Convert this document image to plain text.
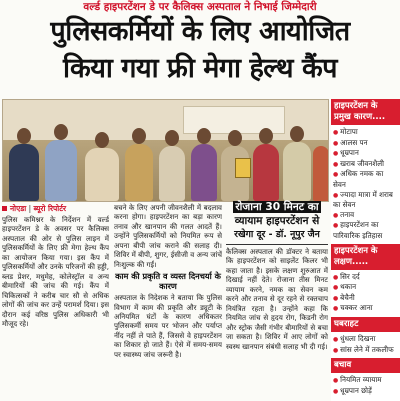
वर्ल्ड हाइपरटेंशन डे पर कैलिक्स अस्पताल ने निभाई जिम्मेदारी
पुलिसकर्मियों के लिए आयोजित
किया गया फ्री मेगा हेल्थ कैंप
नोएडा | ब्यूरो रिपोर्टर

पुलिस कमिश्नर के निर्देशन में वर्ल्ड हाइपरटेंशन डे के अवसर पर कैलिक्स अस्पताल की ओर से पुलिस लाइन में पुलिसकर्मियों के लिए फ्री मेगा हेल्थ कैंप का आयोजन किया गया। इस कैंप में पुलिसकर्मियों और उनके परिजनों की हड्डी, ब्लड प्रेशर, मधुमेह, कोलेस्ट्रॉल व अन्य बीमारियों की जांच की गई। कैंप में चिकित्सकों ने करीब चार सौ से अधिक लोगों की जांच कर उन्हें परामर्श दिया। इस दौरान कई वरिष्ठ पुलिस अधिकारी भी मौजूद रहे।

बचने के लिए अपनी जीवनशैली में बदलाव करना होगा। हाइपरटेंशन का बड़ा कारण तनाव और खानपान की गलत आदतें हैं। उन्होंने पुलिसकर्मियों को नियमित रूप से अपना बीपी जांच कराने की सलाह दी। शिविर में बीपी, शुगर, ईसीजी व अन्य जांचें निःशुल्क की गईं।

काम की प्रकृति व व्यस्त दिनचर्या के कारण

अस्पताल के निदेशक ने बताया कि पुलिस विभाग में काम की प्रकृति और ड्यूटी के अनियमित घंटों के कारण अधिकतर पुलिसकर्मी समय पर भोजन और पर्याप्त नींद नहीं ले पाते हैं, जिससे वे हाइपरटेंशन का शिकार हो जाते हैं। ऐसे में समय-समय पर स्वास्थ्य जांच जरूरी है।

रोजाना 30 मिनट का
व्यायाम हाइपरटेंशन से
रखेगा दूर - डॉ. नूपुर जैन

कैलिक्स अस्पताल की डॉक्टर ने बताया कि हाइपरटेंशन को साइलेंट किलर भी कहा जाता है। इसके लक्षण शुरुआत में दिखाई नहीं देते। रोजाना तीस मिनट व्यायाम करने, नमक का सेवन कम करने और तनाव से दूर रहने से रक्तचाप नियंत्रित रहता है। उन्होंने कहा कि नियमित जांच से हृदय रोग, किडनी रोग और स्ट्रोक जैसी गंभीर बीमारियों से बचा जा सकता है। शिविर में आए लोगों को स्वस्थ खानपान संबंधी सलाह भी दी गई।

हाइपरटेंशन के प्रमुख कारण....
● मोटापा
● आलस पन
● धूम्रपान
● खराब जीवनशैली
● अधिक नमक का सेवन
● ज्यादा मात्रा में शराब का सेवन
● तनाव
● हाइपरटेंशन का पारिवारिक इतिहास
हाइपरटेंशन के लक्षण.....
● सिर दर्द
● थकान
● बेचैनी
● चक्कर आना
घबराहट
● धुंधला दिखना
● सांस लेने में तकलीफ
बचाव
● नियमित व्यायाम
● धूम्रपान छोड़ें
